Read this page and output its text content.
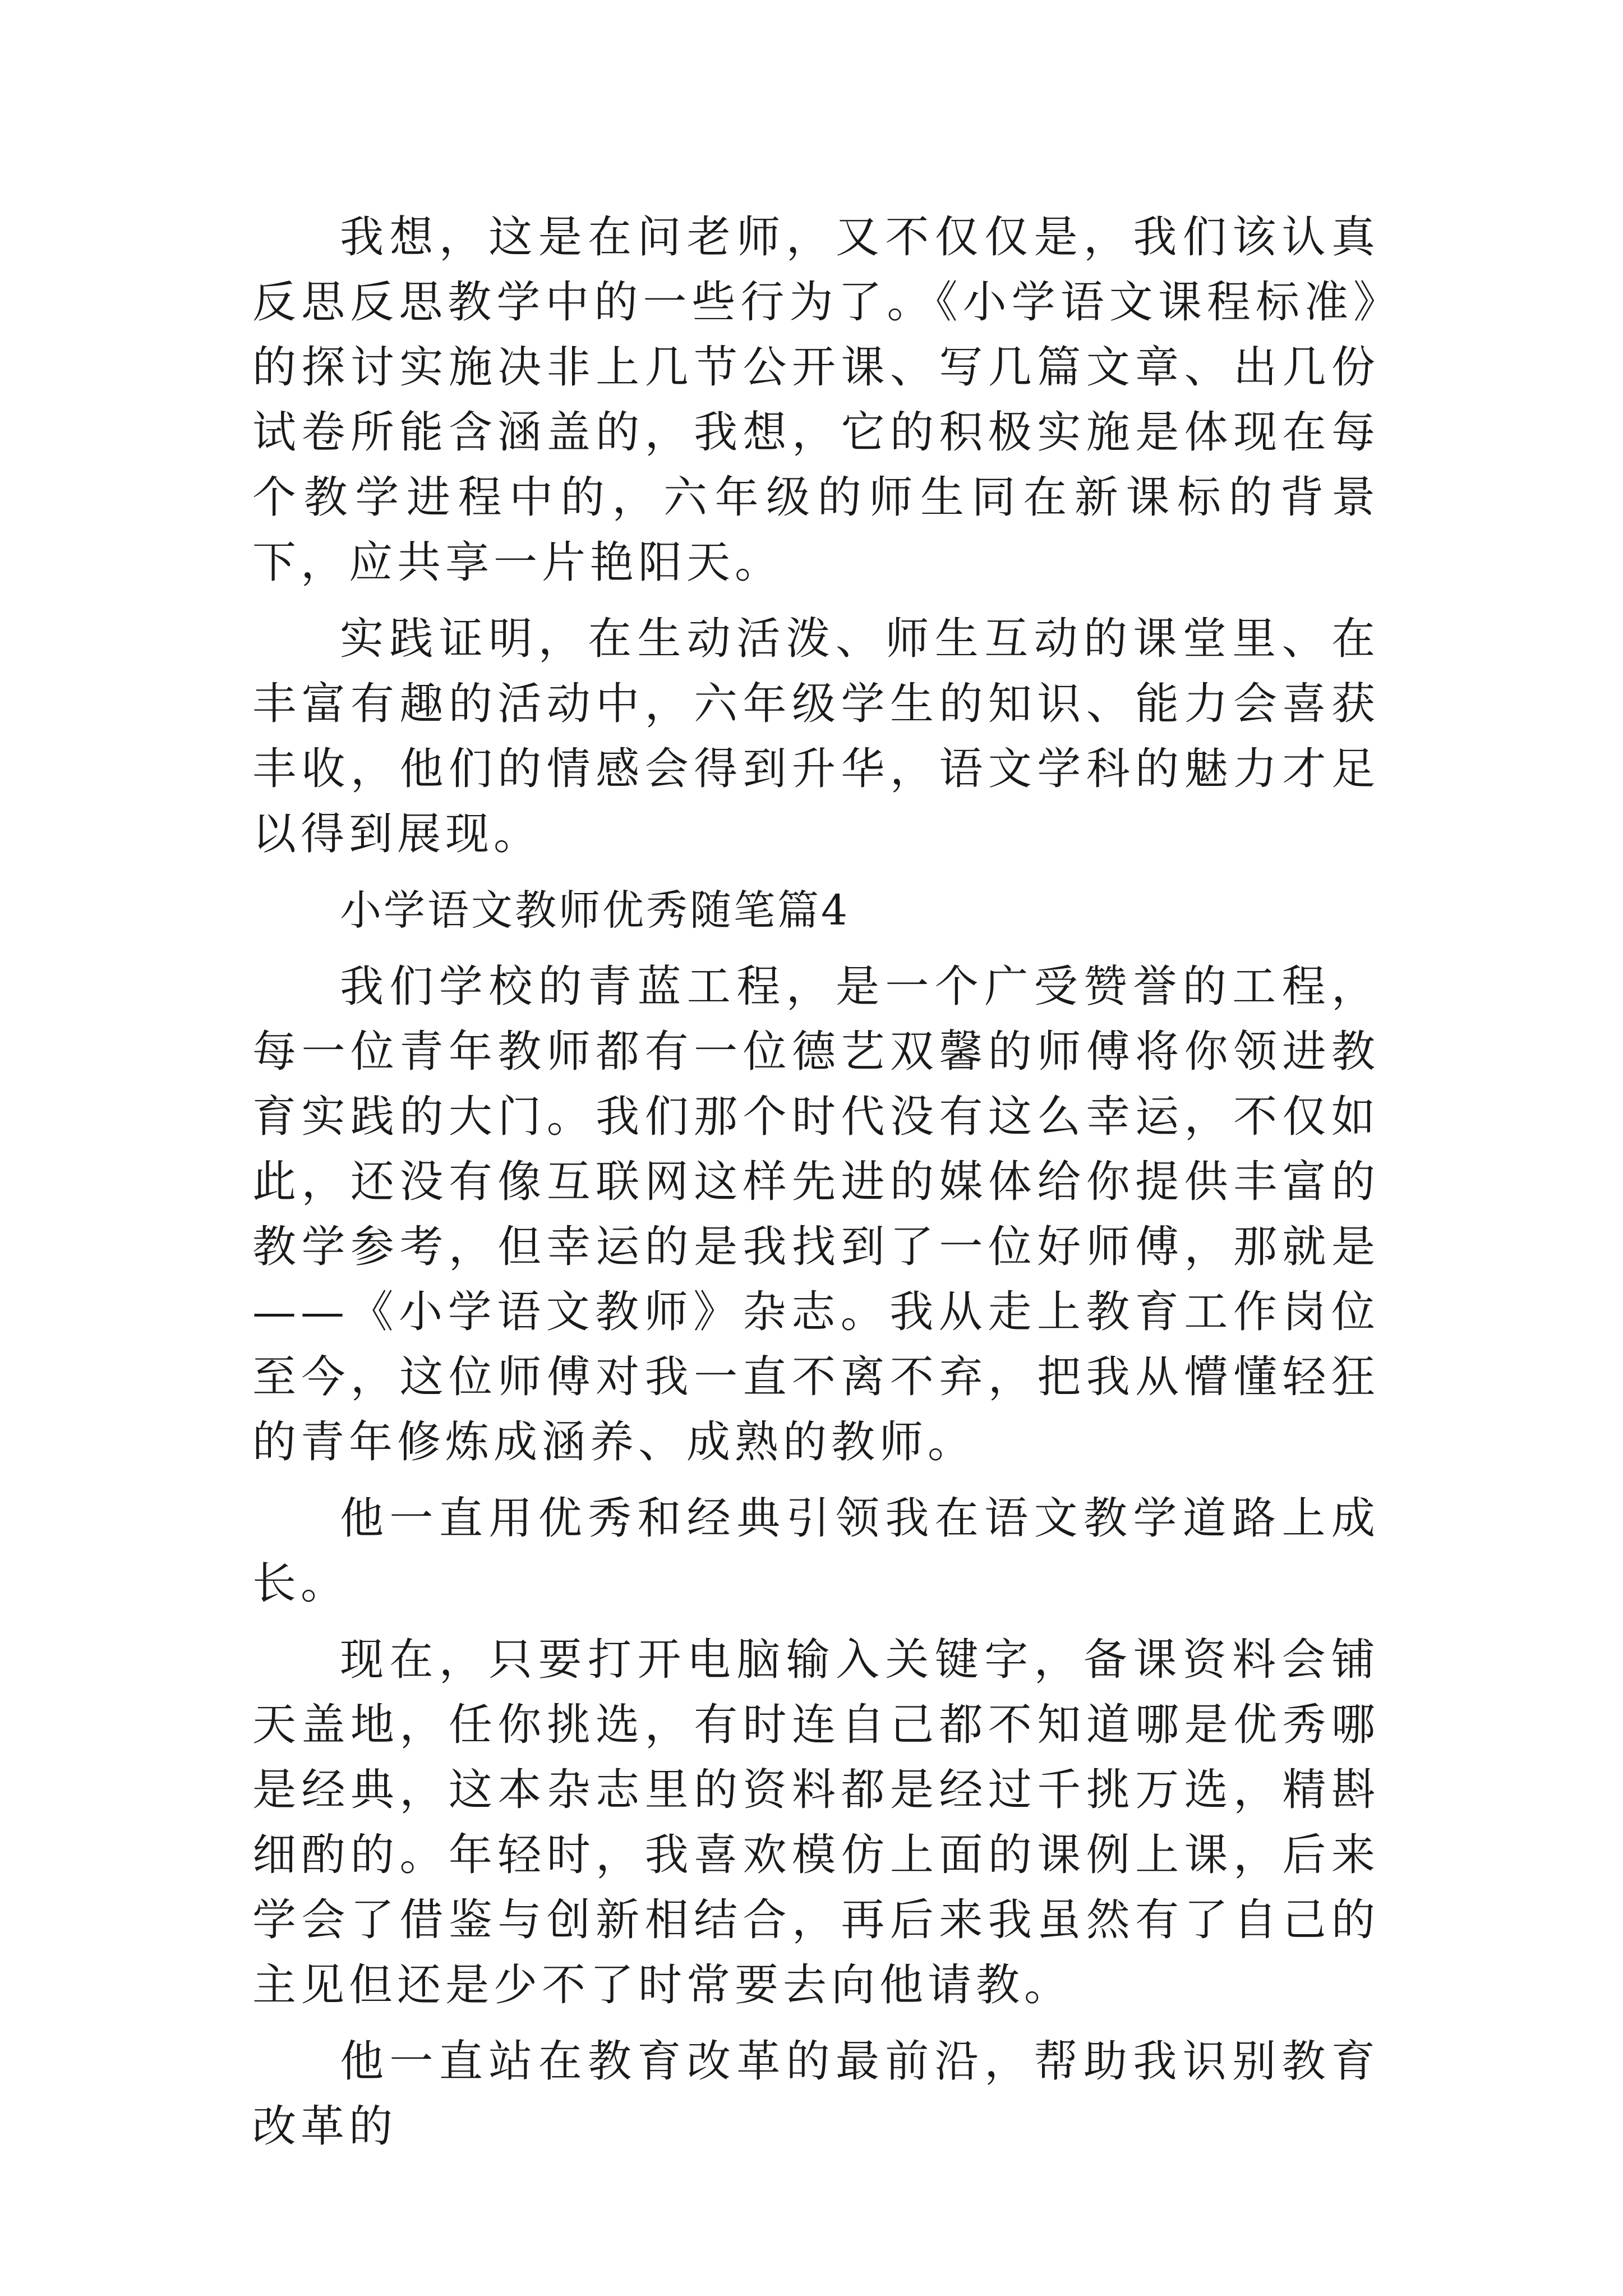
我想，这是在问老师，又不仅仅是，我们该认真反思反思教学中的一些行为了。《小学语文课程标准》的探讨实施决非上几节公开课、写几篇文章、出几份试卷所能含涵盖的，我想，它的积极实施是体现在每个教学进程中的，六年级的师生同在新课标的背景下，应共享一片艳阳天。

实践证明，在生动活泼、师生互动的课堂里、在丰富有趣的活动中，六年级学生的知识、能力会喜获丰收，他们的情感会得到升华，语文学科的魅力才足以得到展现。

小学语文教师优秀随笔篇4

我们学校的青蓝工程，是一个广受赞誉的工程，每一位青年教师都有一位德艺双馨的师傅将你领进教育实践的大门。我们那个时代没有这么幸运，不仅如此，还没有像互联网这样先进的媒体给你提供丰富的教学参考，但幸运的是我找到了一位好师傅，那就是——《小学语文教师》杂志。我从走上教育工作岗位至今，这位师傅对我一直不离不弃，把我从懵懂轻狂的青年修炼成涵养、成熟的教师。

他一直用优秀和经典引领我在语文教学道路上成长。

现在，只要打开电脑输入关键字，备课资料会铺天盖地，任你挑选，有时连自己都不知道哪是优秀哪是经典，这本杂志里的资料都是经过千挑万选，精斟细酌的。年轻时，我喜欢模仿上面的课例上课，后来学会了借鉴与创新相结合，再后来我虽然有了自己的主见但还是少不了时常要去向他请教。

他一直站在教育改革的最前沿，帮助我识别教育改革的
